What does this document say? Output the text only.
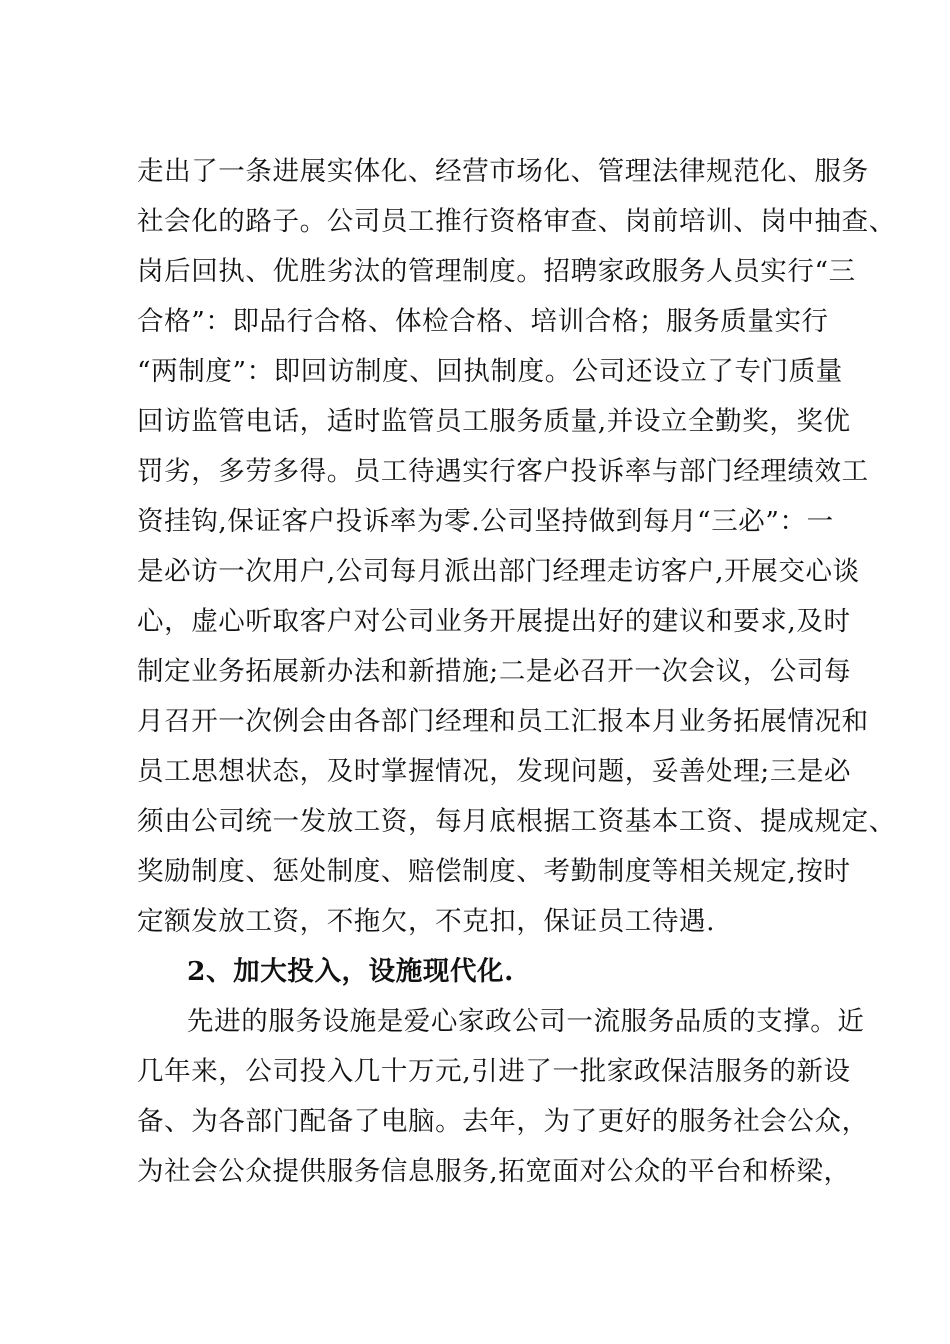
走出了一条进展实体化、经营市场化、管理法律规范化、服务
社会化的路子。公司员工推行资格审查、岗前培训、岗中抽查、
岗后回执、优胜劣汰的管理制度。招聘家政服务人员实行“三
合格”：即品行合格、体检合格、培训合格；服务质量实行
“两制度”：即回访制度、回执制度。公司还设立了专门质量
回访监管电话，适时监管员工服务质量,并设立全勤奖，奖优
罚劣，多劳多得。员工待遇实行客户投诉率与部门经理绩效工
资挂钩,保证客户投诉率为零.公司坚持做到每月“三必”：一
是必访一次用户,公司每月派出部门经理走访客户,开展交心谈
心，虚心听取客户对公司业务开展提出好的建议和要求,及时
制定业务拓展新办法和新措施;二是必召开一次会议，公司每
月召开一次例会由各部门经理和员工汇报本月业务拓展情况和
员工思想状态，及时掌握情况，发现问题，妥善处理;三是必
须由公司统一发放工资，每月底根据工资基本工资、提成规定、
奖励制度、惩处制度、赔偿制度、考勤制度等相关规定,按时
定额发放工资，不拖欠，不克扣，保证员工待遇.
2、加大投入，设施现代化.
先进的服务设施是爱心家政公司一流服务品质的支撑。近
几年来，公司投入几十万元,引进了一批家政保洁服务的新设
备、为各部门配备了电脑。去年，为了更好的服务社会公众，
为社会公众提供服务信息服务,拓宽面对公众的平台和桥梁，
